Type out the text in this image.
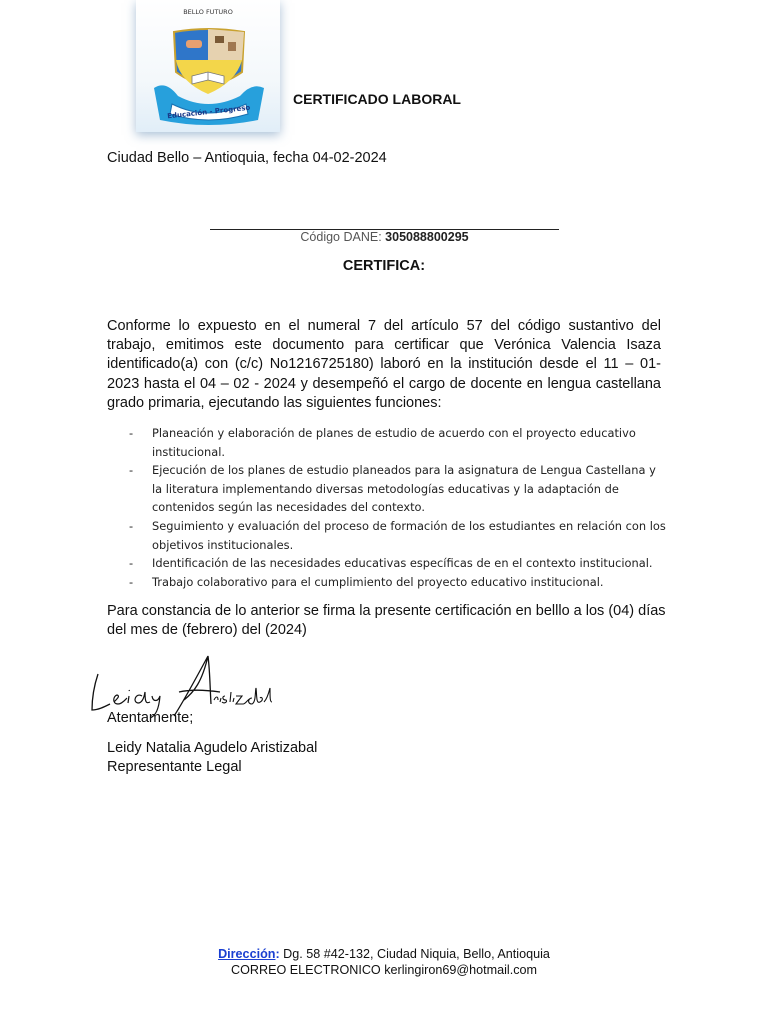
BELLO FUTURO
Educación - Progreso
CERTIFICADO LABORAL
Ciudad Bello – Antioquia, fecha 04-02-2024
Código DANE: 305088800295
CERTIFICA:
Conforme lo expuesto en el numeral 7 del artículo 57 del código sustantivo del trabajo, emitimos este documento para certificar que Verónica Valencia Isaza identificado(a) con (c/c) No1216725180) laboró en la institución desde el 11 – 01-2023 hasta el 04 – 02 - 2024 y desempeñó el cargo de docente en lengua castellana grado primaria, ejecutando las siguientes funciones:
- Planeación y elaboración de planes de estudio de acuerdo con el proyecto educativo institucional.
- Ejecución de los planes de estudio planeados para la asignatura de Lengua Castellana y la literatura implementando diversas metodologías educativas y la adaptación de contenidos según las necesidades del contexto.
- Seguimiento y evaluación del proceso de formación de los estudiantes en relación con los objetivos institucionales.
- Identificación de las necesidades educativas específicas de en el contexto institucional.
- Trabajo colaborativo para el cumplimiento del proyecto educativo institucional.
Para constancia de lo anterior se firma la presente certificación en belllo a los (04) días del mes de (febrero) del (2024)
Atentamente;
Leidy Natalia Agudelo Aristizabal
Representante Legal
Dirección: Dg. 58 #42-132, Ciudad Niquia, Bello, Antioquia
CORREO ELECTRONICO kerlingiron69@hotmail.com
